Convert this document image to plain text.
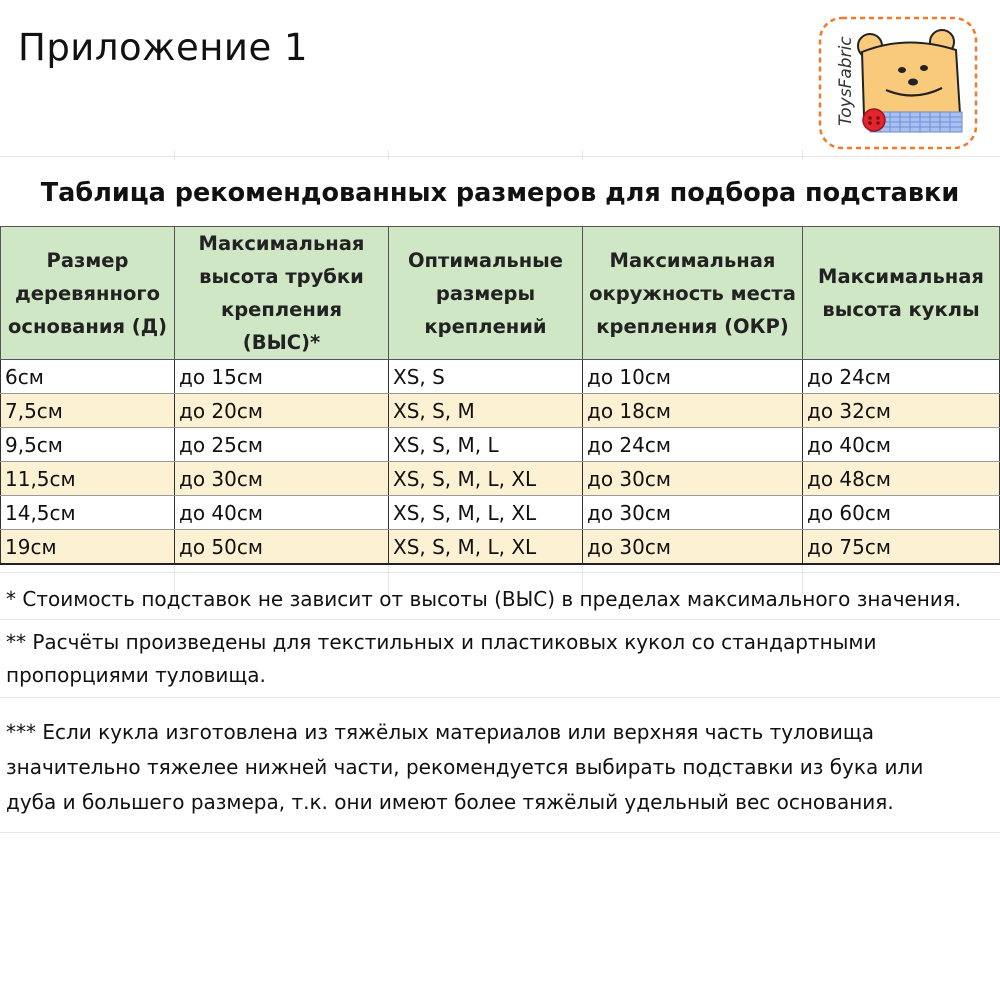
Приложение 1	ToysFabric
Таблица рекомендованных размеров для подбора подставки
Размер деревянного основания (Д)	Максимальная высота трубки крепления (ВЫС)*	Оптимальные размеры креплений	Максимальная окружность места крепления (ОКР)	Максимальная высота куклы
6см	до 15см	XS, S	до 10см	до 24см
7,5см	до 20см	XS, S, M	до 18см	до 32см
9,5см	до 25см	XS, S, M, L	до 24см	до 40см
11,5см	до 30см	XS, S, M, L, XL	до 30см	до 48см
14,5см	до 40см	XS, S, M, L, XL	до 30см	до 60см
19см	до 50см	XS, S, M, L, XL	до 30см	до 75см

* Стоимость подставок не зависит от высоты (ВЫС) в пределах максимального значения.
** Расчёты произведены для текстильных и пластиковых кукол со стандартными
пропорциями туловища.
*** Если кукла изготовлена из тяжёлых материалов или верхняя часть туловища
значительно тяжелее нижней части, рекомендуется выбирать подставки из бука или
дуба и большего размера, т.к. они имеют более тяжёлый удельный вес основания.
